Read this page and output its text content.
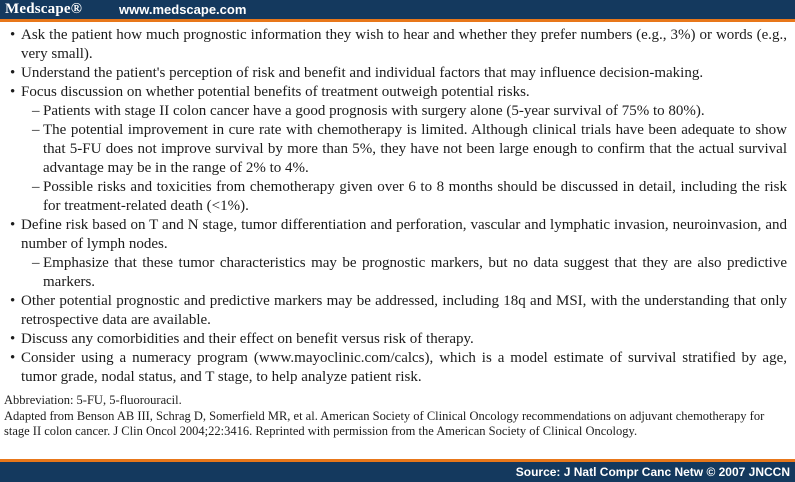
Medscape®	www.medscape.com
• Ask the patient how much prognostic information they wish to hear and whether they prefer numbers (e.g., 3%) or words (e.g., very small).
• Understand the patient's perception of risk and benefit and individual factors that may influence decision-making.
• Focus discussion on whether potential benefits of treatment outweigh potential risks.
– Patients with stage II colon cancer have a good prognosis with surgery alone (5-year survival of 75% to 80%).
– The potential improvement in cure rate with chemotherapy is limited. Although clinical trials have been adequate to show that 5-FU does not improve survival by more than 5%, they have not been large enough to confirm that the actual survival advantage may be in the range of 2% to 4%.
– Possible risks and toxicities from chemotherapy given over 6 to 8 months should be discussed in detail, including the risk for treatment-related death (<1%).
• Define risk based on T and N stage, tumor differentiation and perforation, vascular and lymphatic invasion, neuroinvasion, and number of lymph nodes.
– Emphasize that these tumor characteristics may be prognostic markers, but no data suggest that they are also predictive markers.
• Other potential prognostic and predictive markers may be addressed, including 18q and MSI, with the understanding that only retrospective data are available.
• Discuss any comorbidities and their effect on benefit versus risk of therapy.
• Consider using a numeracy program (www.mayoclinic.com/calcs), which is a model estimate of survival stratified by age, tumor grade, nodal status, and T stage, to help analyze patient risk.
Abbreviation: 5-FU, 5-fluorouracil.
Adapted from Benson AB III, Schrag D, Somerfield MR, et al. American Society of Clinical Oncology recommendations on adjuvant chemotherapy for stage II colon cancer. J Clin Oncol 2004;22:3416. Reprinted with permission from the American Society of Clinical Oncology.
Source: J Natl Compr Canc Netw © 2007 JNCCN
